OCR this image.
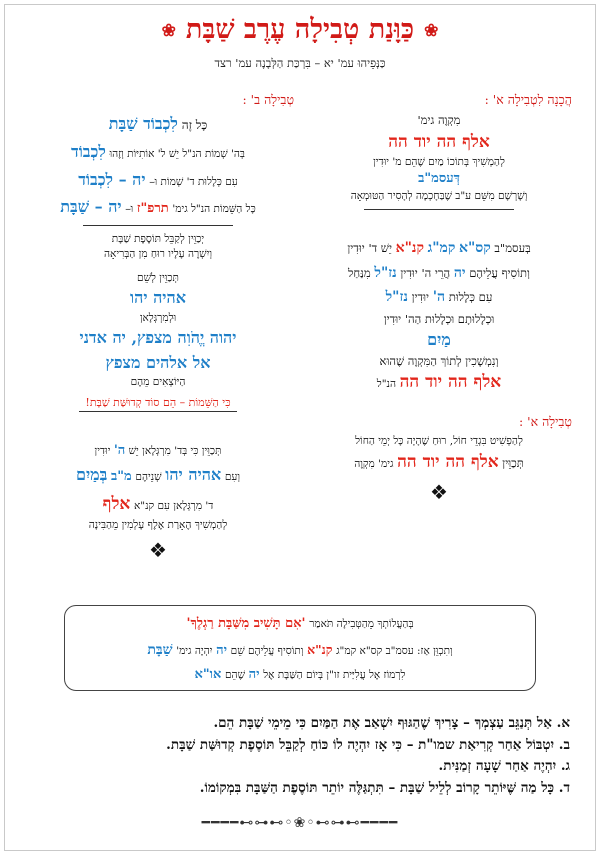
❀כַּוָּנַת טְבִילָה עֶרֶב שַׁבָּת❀
כַּנְּפֵיהוּ עמ' יא – בִּרְכַּת הַלְּבָנָה עמ' רצד
הֲכָנָה לִטְבִילָה א' :
מִקְוֶה גימ'
אלף הה יוד הה
לְהַמְשִׁיךְ בְּתוֹכוֹ מַיִם שֶׁהֵם מ' יוּדִין
דְּעסמ"ב
וְשָׁרְשָׁם מִשֵּׁם ע"ב שֶׁבַּחָכְמָה לְהָסִיר הַטּוּמְאָה
בְּעסמ"ב קס"א קמ"ג קנ"א יֵשׁ ד' יוּדִין
וְתוֹסִיף עֲלֵיהֶם יה הֲרֵי ה' יוּדִין נז"ל מִנַּחַל
עִם כְּלָלוּת ה' יוּדִין נז"ל
וּכְלָלוּתָם וּכְלָלוּת הַה' יוּדִין
מַיִם
וְנִמְשָׁכִין לְתוֹךְ הַמִּקְוֶה שֶׁהוּא
אלף הה יוד הה הנ"ל
טְבִילָה א' :
לְהַפְשִׁיט בִּגְדֵי חוֹל, רוּחַ שֶׁהָיָה כָּל יְמֵי הַחוֹל
תְּכַוֵּין אלף הה יוד הה גימ' מִקְוֶה
❖
טְבִילָה ב' :
כָּל זֶה לִכְבוֹד שַׁבָּת
בְּה' שְׁמוֹת הנ"ל יֵשׁ ל' אוֹתִיּוֹת וְזֶהוּ לִכְבוֹד
עִם כְּלָלוּת ד' שְׁמוֹת וּ– יה – לִכְבוֹד
כָּל הַשֵּׁמוֹת הנ"ל גימ' תרפ"ז וּ– יה – שַׁבָּת
יְכַוֵּין לְקַבֵּל תּוֹסֶפֶת שַׁבָּת
וְיִשְׁרֶה עָלָיו רוּחַ מִן הַבְּרִיאָה
תְּכַוֵּין לְשֵׁם
אהיה יהו
וּלְמִרְגְּלָאן
יהוה יֱהֹוִה מצפץ, יה אדני
אל אלהים מצפץ
הַיּוֹצְאִים מֵהֶם
כִּי הַשֵּׁמוֹת – הֵם סוֹד קְדוּשַּׁת שַׁבָּת!
תְּכַוֵּין כִּי בְּד' מִרְגְּלָאן יֵשׁ ה' יוּדִין
וְעִם אהיה יהו שְׁנֵיהֶם מ"ב בְּמַיִם
ד' מִרְגְּלָאן עִם קנ"א אלף
לְהַמְשִׁיךְ הֶאָרַת אֶלֶף עָלְמִין מֵהַבִּינָה
❖
בְּהַעֲלוֹתְךָ מֵהַטְּבִילָה תֹּאמַר 'אִם תָּשִׁיב מִשַּׁבָּת רַגְלֶךָ'
וְתִכְוֵּן אַז: עסמ"ב קס"א קמ"ג קנ"א וְתוֹסִיף עֲלֵיהֶם שֵׁם יה יִהְיֶה גימ' שַׁבָּת
לִרְמוֹז אֶל עֲלִיַּית זו"ן בְּיוֹם הַשַּׁבָּת אֶל יה שֶׁהֵם או"א
א. אַל תְּנַגֵּב עַצְמְךָ – צָרִיךְ שֶׁהַגּוּף יִשְׁאַב אֶת הַמַּיִם כִּי מֵימֵי שַׁבָּת הֵם.
ב. יִטְבּוֹל אַחַר קְרִיאַת שמו"ת – כִּי אָז יִהְיֶה לוֹ כּוֹחַ לְקַבֵּל תּוֹסֶפֶת קְדוּשַּׁת שַׁבָּת.
ג. יִהְיֶה אַחַר שָׁעָה זְמַנִּית.
ד. כָּל מַה שֶּׁיּוֹתֵר קָרוֹב לְלֵיל שַׁבָּת – תִּתְגַּלֶּה יוֹתֵר תּוֹסֶפֶת הַשַּׁבָּת בִּמְקוֹמוֹ.
━━━━⊶⊷⊶◦❀◦⊶⊷⊶━━━━
